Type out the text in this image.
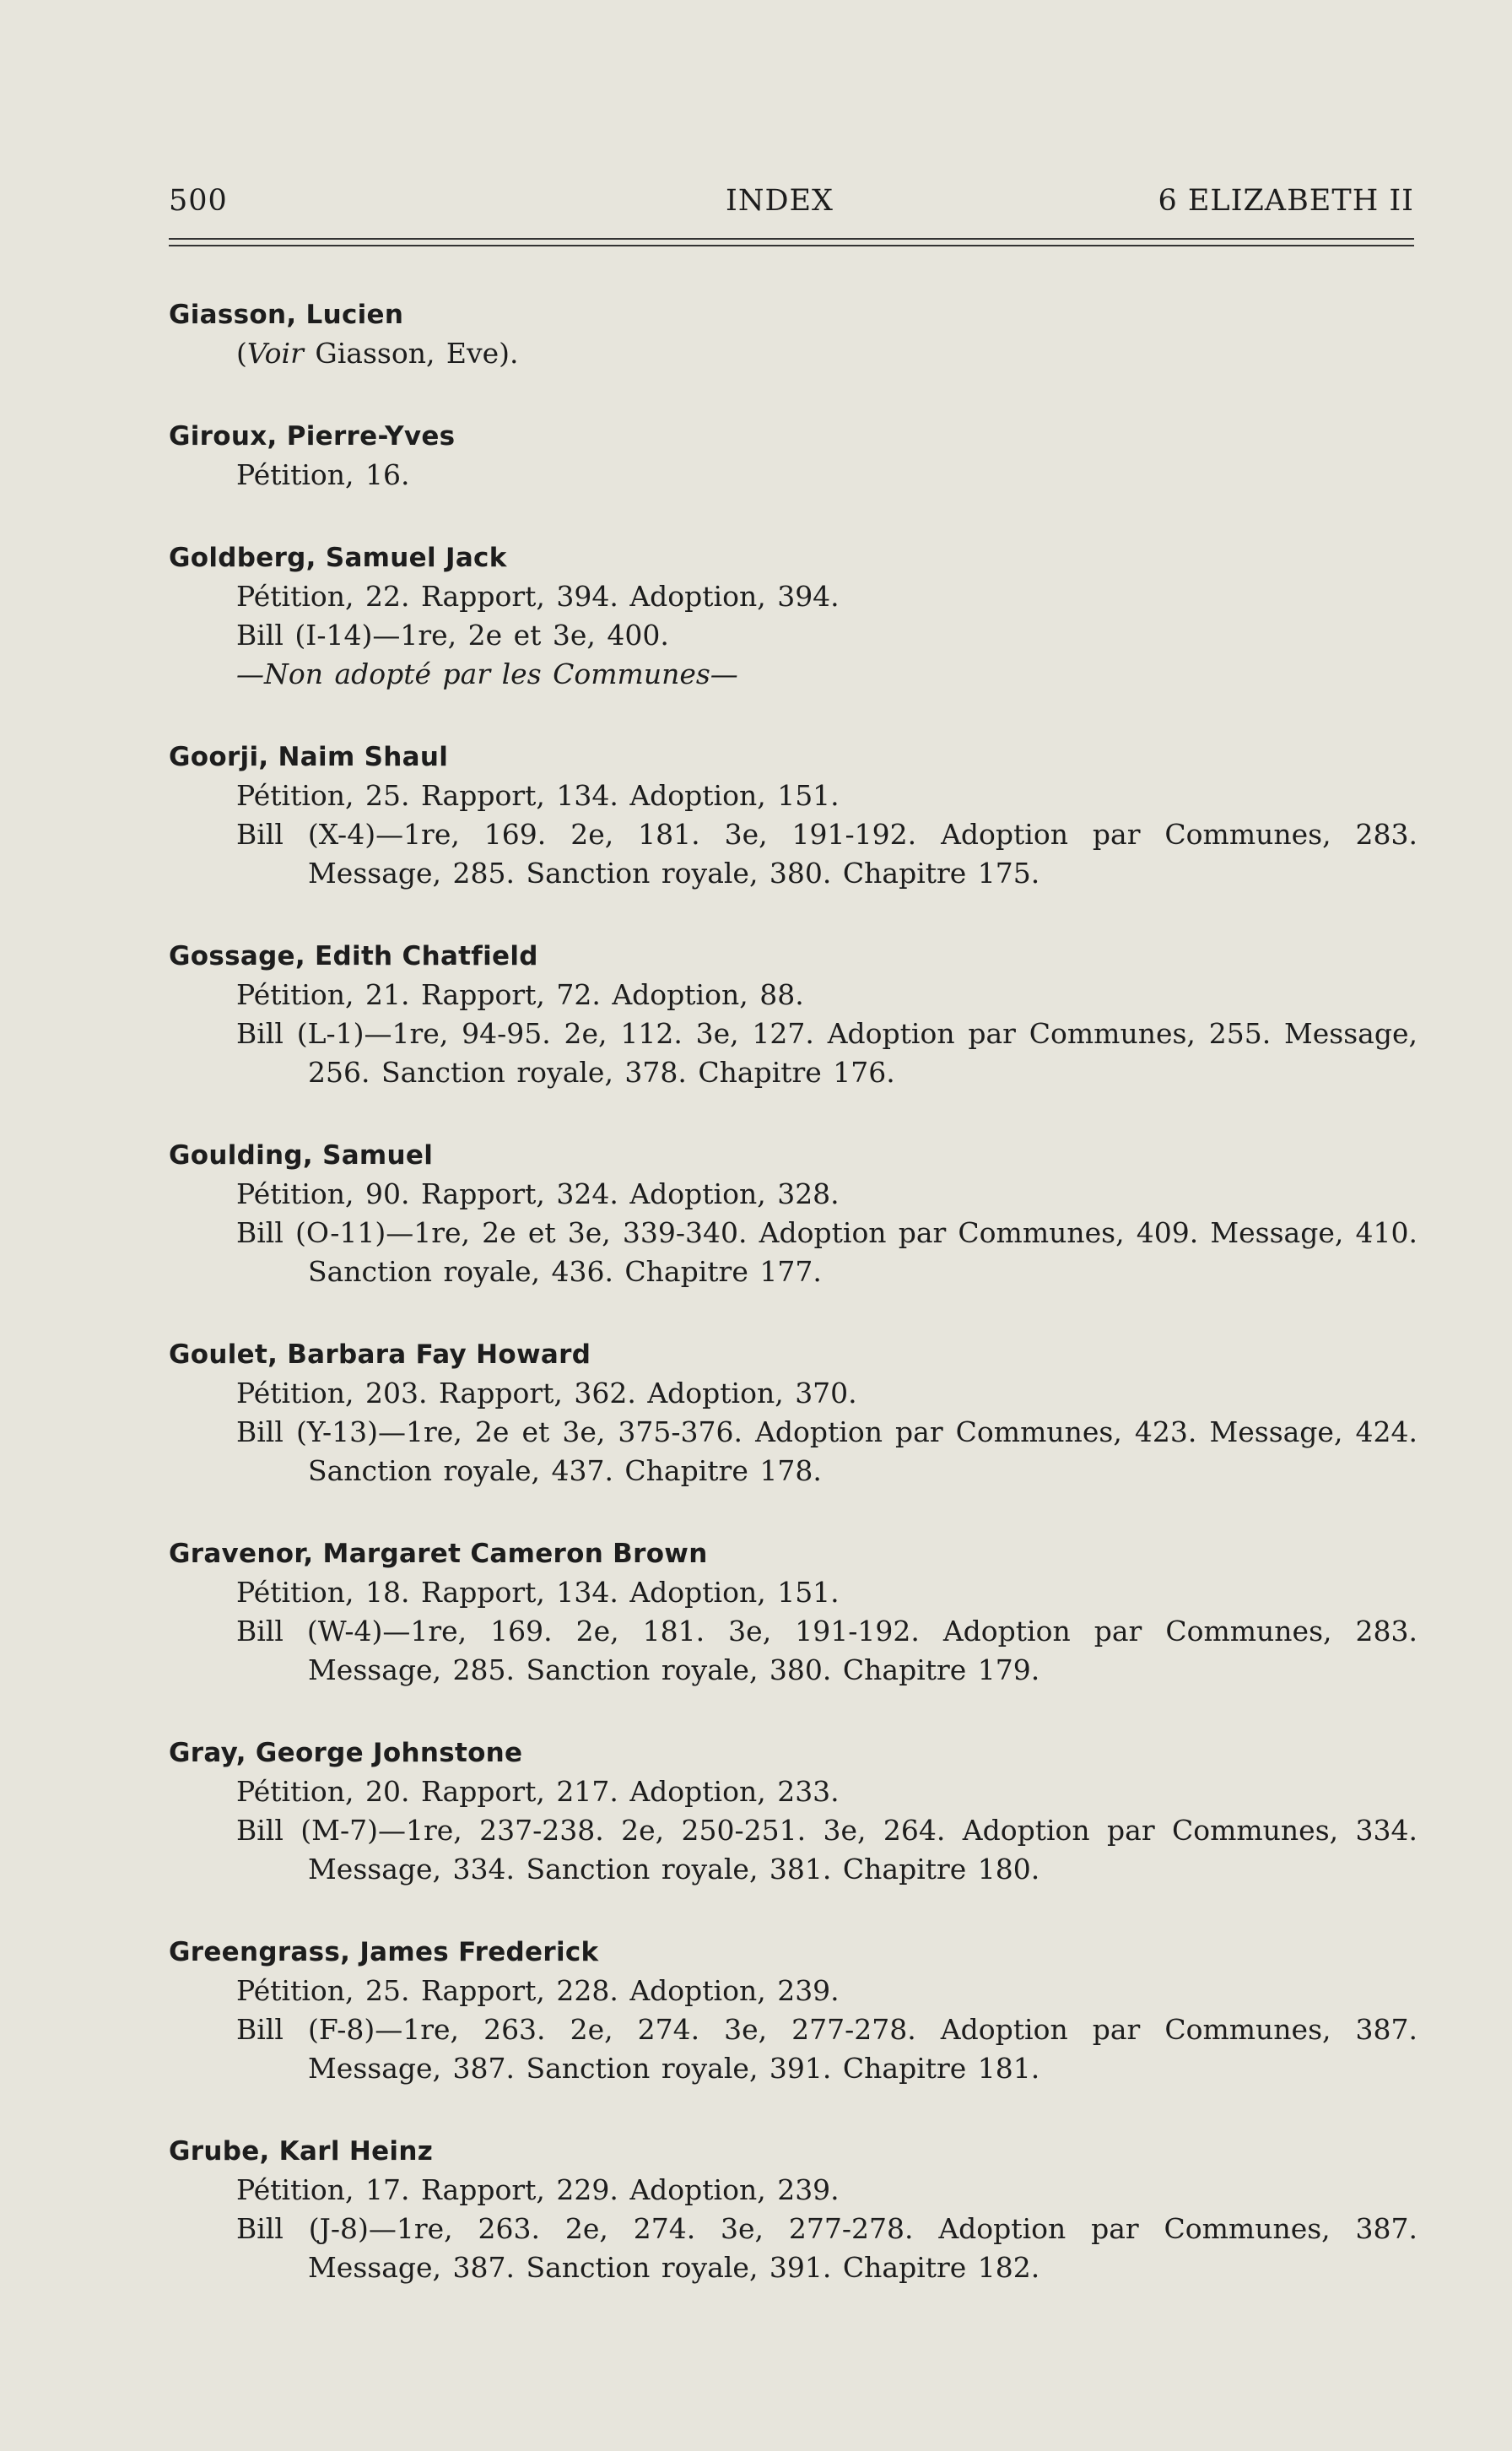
500	INDEX	6 ELIZABETH II
Giasson, Lucien
(Voir Giasson, Eve).
Giroux, Pierre-Yves
Pétition, 16.
Goldberg, Samuel Jack
Pétition, 22. Rapport, 394. Adoption, 394.
Bill (I-14)—1re, 2e et 3e, 400.
—Non adopté par les Communes—
Goorji, Naim Shaul
Pétition, 25. Rapport, 134. Adoption, 151.
Bill (X-4)—1re, 169. 2e, 181. 3e, 191-192. Adoption par Communes, 283. Message, 285. Sanction royale, 380. Chapitre 175.
Gossage, Edith Chatfield
Pétition, 21. Rapport, 72. Adoption, 88.
Bill (L-1)—1re, 94-95. 2e, 112. 3e, 127. Adoption par Communes, 255. Message, 256. Sanction royale, 378. Chapitre 176.
Goulding, Samuel
Pétition, 90. Rapport, 324. Adoption, 328.
Bill (O-11)—1re, 2e et 3e, 339-340. Adoption par Communes, 409. Message, 410. Sanction royale, 436. Chapitre 177.
Goulet, Barbara Fay Howard
Pétition, 203. Rapport, 362. Adoption, 370.
Bill (Y-13)—1re, 2e et 3e, 375-376. Adoption par Communes, 423. Message, 424. Sanction royale, 437. Chapitre 178.
Gravenor, Margaret Cameron Brown
Pétition, 18. Rapport, 134. Adoption, 151.
Bill (W-4)—1re, 169. 2e, 181. 3e, 191-192. Adoption par Communes, 283. Message, 285. Sanction royale, 380. Chapitre 179.
Gray, George Johnstone
Pétition, 20. Rapport, 217. Adoption, 233.
Bill (M-7)—1re, 237-238. 2e, 250-251. 3e, 264. Adoption par Communes, 334. Message, 334. Sanction royale, 381. Chapitre 180.
Greengrass, James Frederick
Pétition, 25. Rapport, 228. Adoption, 239.
Bill (F-8)—1re, 263. 2e, 274. 3e, 277-278. Adoption par Communes, 387. Message, 387. Sanction royale, 391. Chapitre 181.
Grube, Karl Heinz
Pétition, 17. Rapport, 229. Adoption, 239.
Bill (J-8)—1re, 263. 2e, 274. 3e, 277-278. Adoption par Communes, 387. Message, 387. Sanction royale, 391. Chapitre 182.
